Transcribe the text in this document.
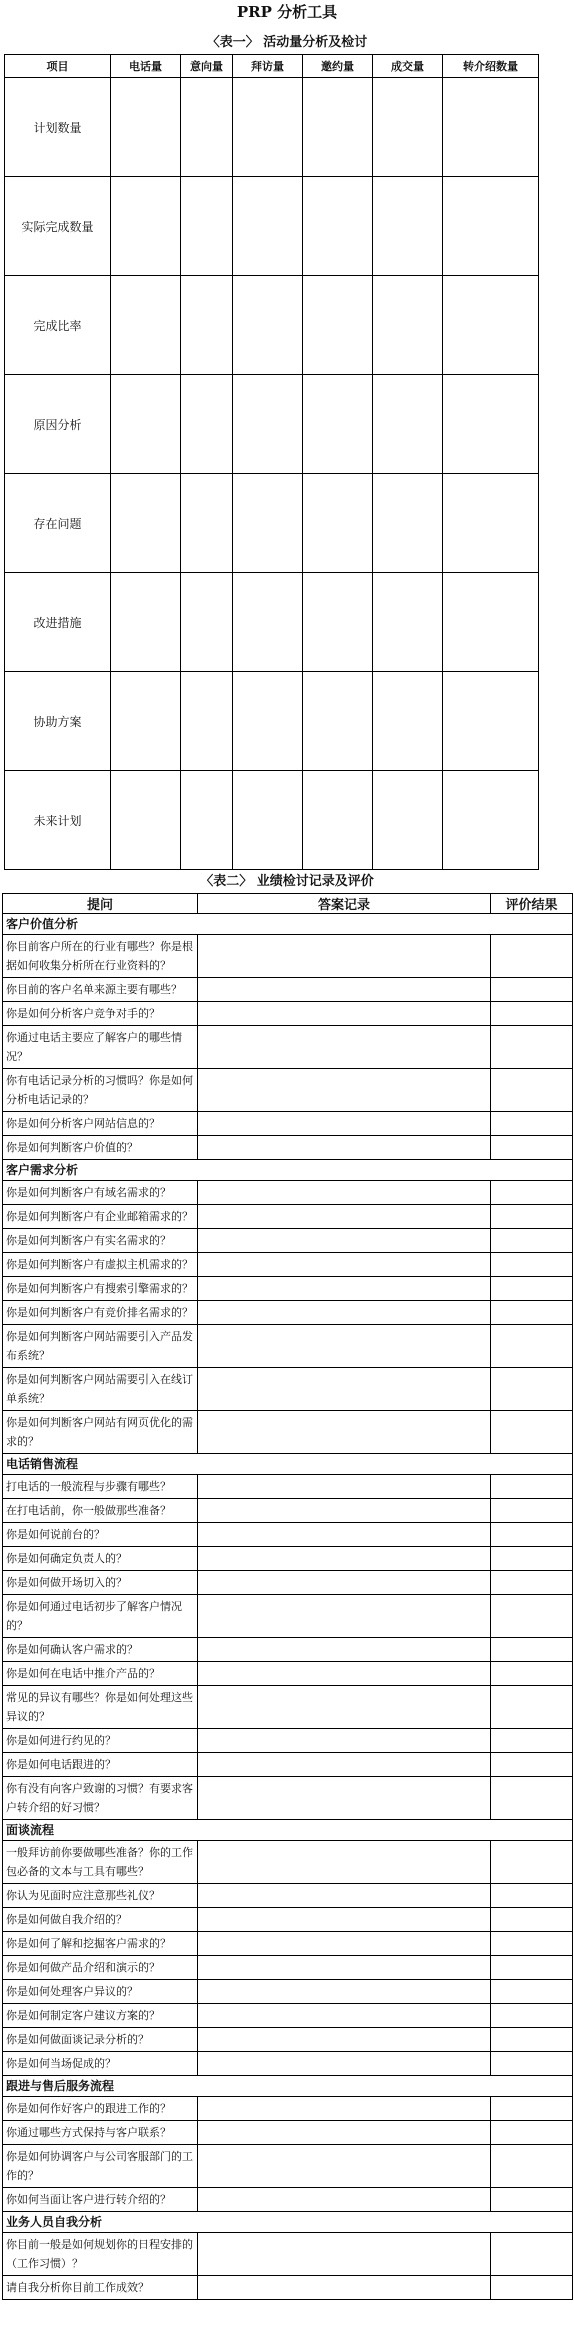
PRP 分析工具
〈表一〉 活动量分析及检讨
项目	电话量	意向量	拜访量	邀约量	成交量	转介绍数量
计划数量						
实际完成数量						
完成比率						
原因分析						
存在问题						
改进措施						
协助方案						
未来计划						
〈表二〉 业绩检讨记录及评价
提问	答案记录	评价结果
客户价值分析		
你目前客户所在的行业有哪些？你是根据如何收集分析所在行业资料的？		
你目前的客户名单来源主要有哪些？		
你是如何分析客户竞争对手的？		
你通过电话主要应了解客户的哪些情况？		
你有电话记录分析的习惯吗？你是如何分析电话记录的？		
你是如何分析客户网站信息的？		
你是如何判断客户价值的？		
客户需求分析		
你是如何判断客户有域名需求的？		
你是如何判断客户有企业邮箱需求的？		
你是如何判断客户有实名需求的？		
你是如何判断客户有虚拟主机需求的？		
你是如何判断客户有搜索引擎需求的？		
你是如何判断客户有竞价排名需求的？		
你是如何判断客户网站需要引入产品发布系统？		
你是如何判断客户网站需要引入在线订单系统？		
你是如何判断客户网站有网页优化的需求的？		
电话销售流程		
打电话的一般流程与步骤有哪些？		
在打电话前，你一般做那些准备？		
你是如何说前台的？		
你是如何确定负责人的？		
你是如何做开场切入的？		
你是如何通过电话初步了解客户情况的？		
你是如何确认客户需求的？		
你是如何在电话中推介产品的？		
常见的异议有哪些？你是如何处理这些异议的？		
你是如何进行约见的？		
你是如何电话跟进的？		
你有没有向客户致谢的习惯？有要求客户转介绍的好习惯？		
面谈流程		
一般拜访前你要做哪些准备？你的工作包必备的文本与工具有哪些？		
你认为见面时应注意那些礼仪？		
你是如何做自我介绍的？		
你是如何了解和挖掘客户需求的？		
你是如何做产品介绍和演示的？		
你是如何处理客户异议的？		
你是如何制定客户建议方案的？		
你是如何做面谈记录分析的？		
你是如何当场促成的？		
跟进与售后服务流程		
你是如何作好客户的跟进工作的？		
你通过哪些方式保持与客户联系？		
你是如何协调客户与公司客服部门的工作的？		
你如何当面让客户进行转介绍的？		
业务人员自我分析		
你目前一般是如何规划你的日程安排的（工作习惯）？		
请自我分析你目前工作成效？		
